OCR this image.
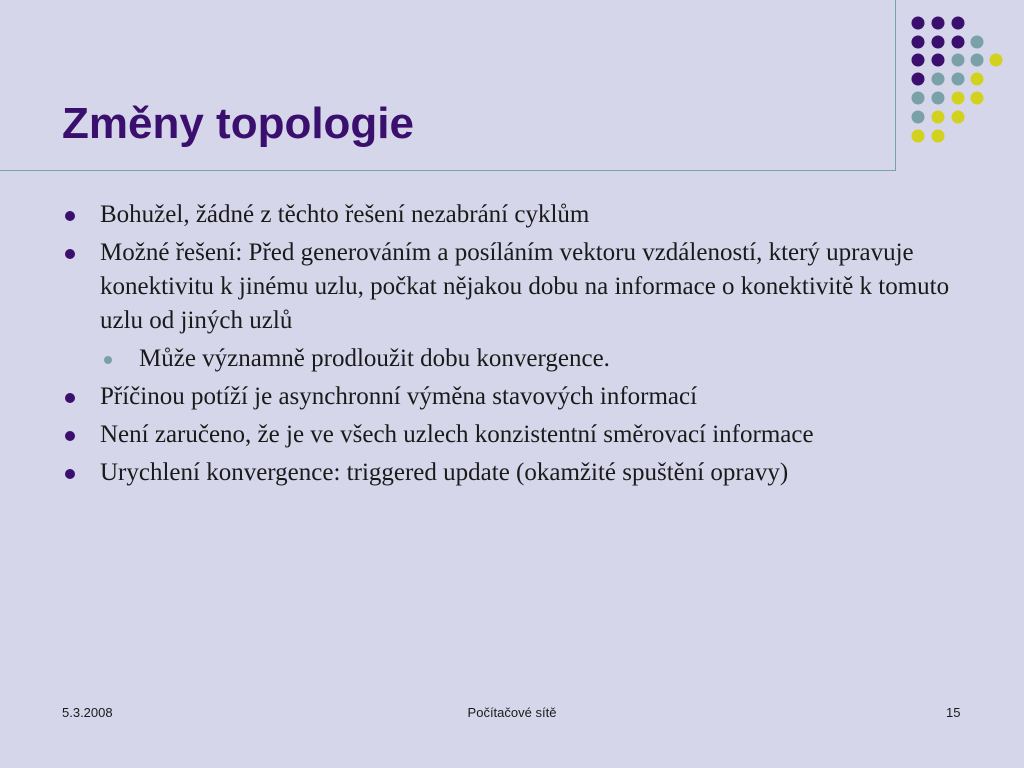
Změny topologie
Bohužel, žádné z těchto řešení nezabrání cyklům
Možné řešení: Před generováním a posíláním vektoru vzdáleností, který upravuje konektivitu k jinému uzlu, počkat nějakou dobu na informace o konektivitě k tomuto uzlu od jiných uzlů
Může významně prodloužit dobu konvergence.
Příčinou potíží je asynchronní výměna stavových informací
Není zaručeno, že je ve všech uzlech konzistentní směrovací informace
Urychlení konvergence: triggered update (okamžité spuštění opravy)
5.3.2008	Počítačové sítě	15
